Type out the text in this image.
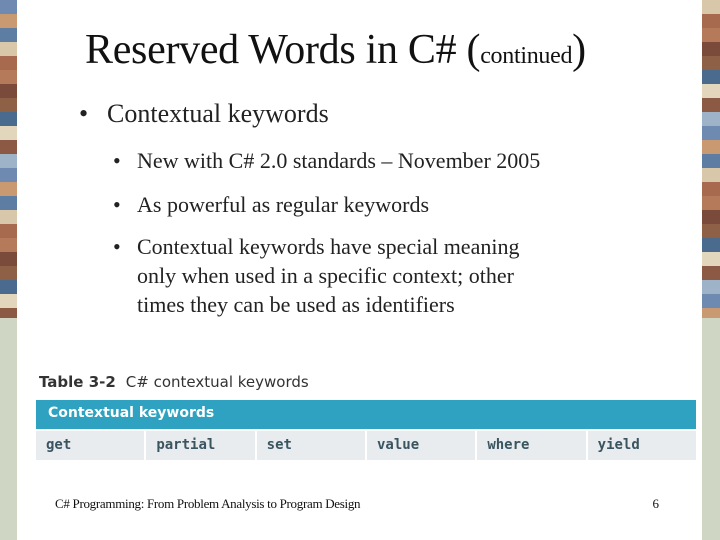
Reserved Words in C# (continued)
• Contextual keywords
• New with C# 2.0 standards – November 2005
• As powerful as regular keywords
• Contextual keywords have special meaning
only when used in a specific context; other
times they can be used as identifiers
Table 3-2 C# contextual keywords
Contextual keywords
get	partial	set	value	where	yield
C# Programming: From Problem Analysis to Program Design	6
